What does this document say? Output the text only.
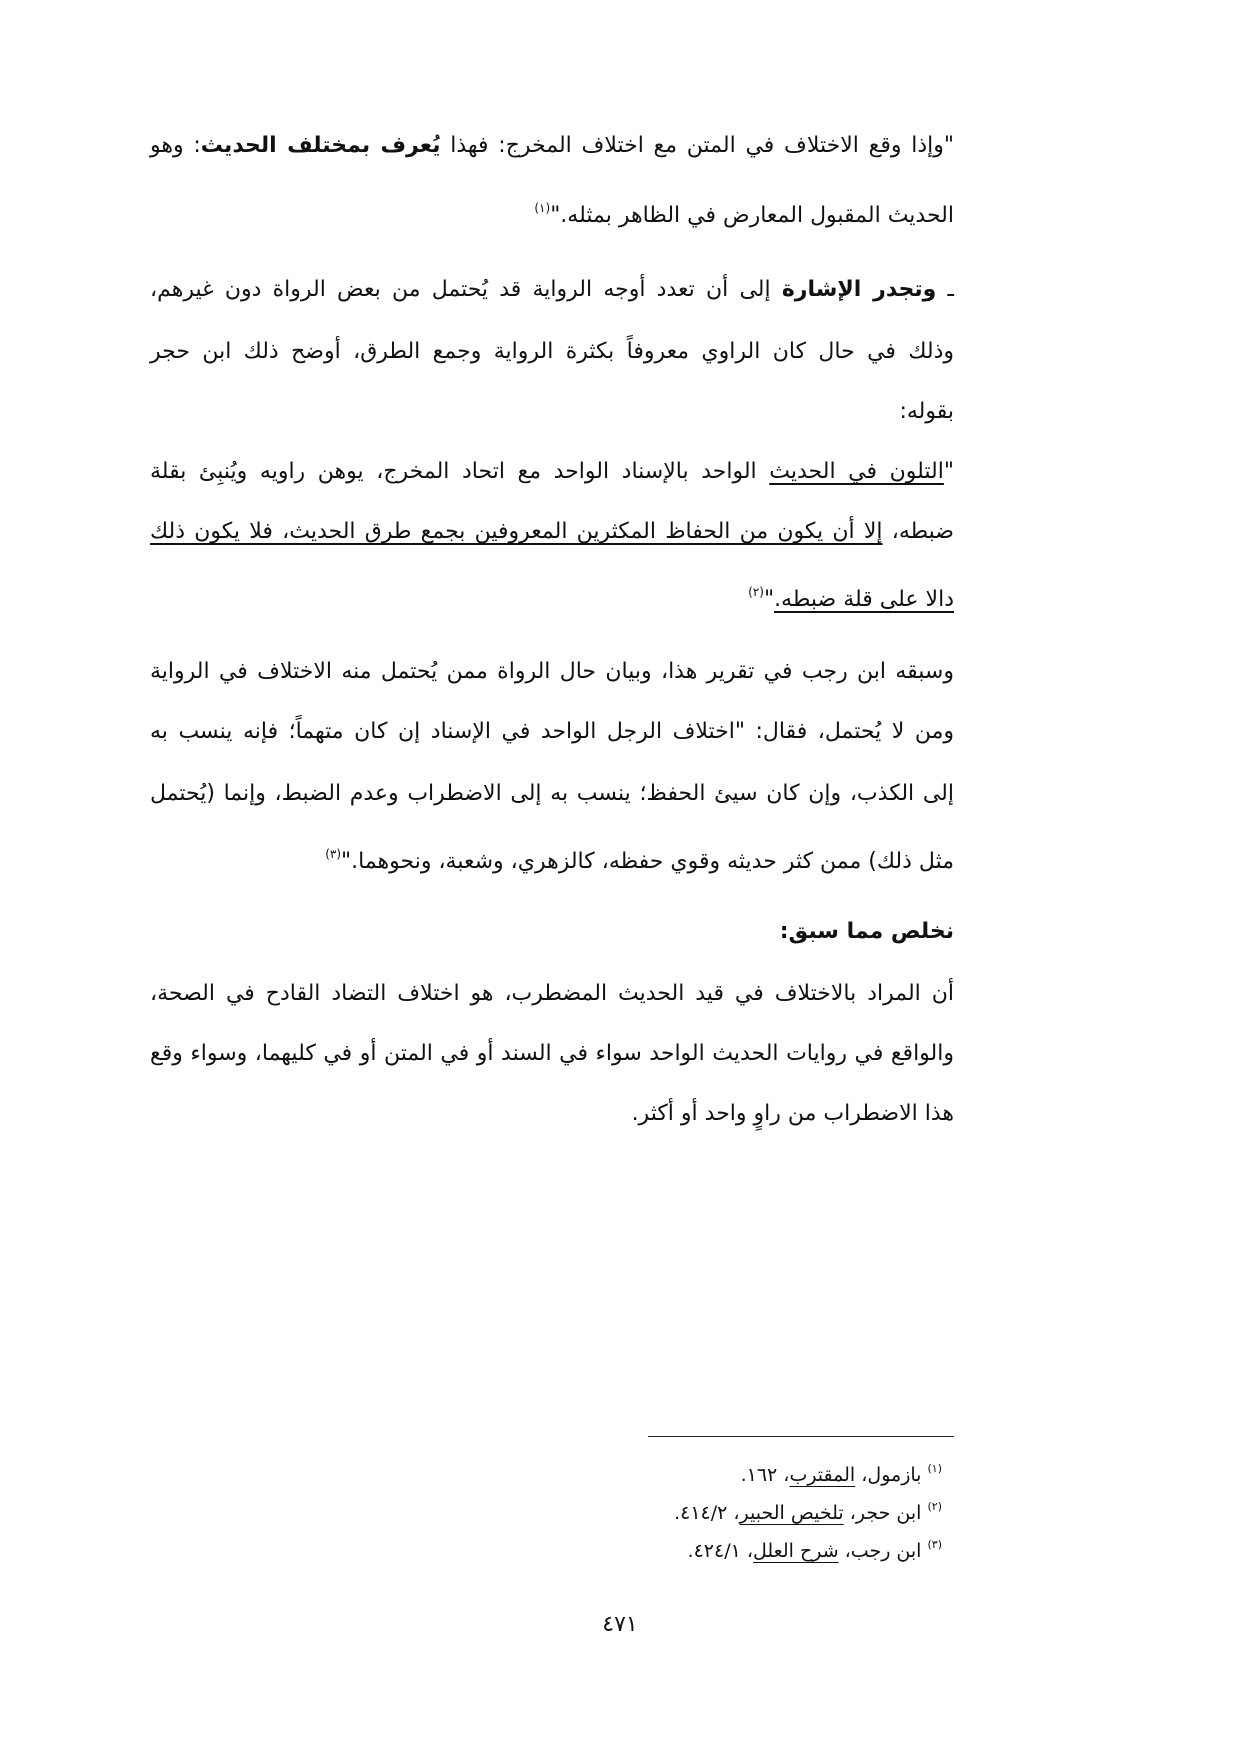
"وإذا وقع الاختلاف في المتن مع اختلاف المخرج: فهذا يُعرف بمختلف الحديث: وهو
الحديث المقبول المعارض في الظاهر بمثله."$^{(١)}$
ـ وتجدر الإشارة إلى أن تعدد أوجه الرواية قد يُحتمل من بعض الرواة دون غيرهم،
وذلك في حال كان الراوي معروفاً بكثرة الرواية وجمع الطرق، أوضح ذلك ابن حجر
بقوله:
"التلون في الحديث الواحد بالإسناد الواحد مع اتحاد المخرج، يوهن راويه ويُنبِئ بقلة
ضبطه، إلا أن يكون من الحفاظ المكثرين المعروفين بجمع طرق الحديث، فلا يكون ذلك
دالا على قلة ضبطه."$^{(٢)}$
وسبقه ابن رجب في تقرير هذا، وبيان حال الرواة ممن يُحتمل منه الاختلاف في الرواية
ومن لا يُحتمل، فقال: "اختلاف الرجل الواحد في الإسناد إن كان متهماً؛ فإنه ينسب به
إلى الكذب، وإن كان سيئ الحفظ؛ ينسب به إلى الاضطراب وعدم الضبط، وإنما (يُحتمل
مثل ذلك) ممن كثر حديثه وقوي حفظه، كالزهري، وشعبة، ونحوهما."$^{(٣)}$
نخلص مما سبق:
أن المراد بالاختلاف في قيد الحديث المضطرب، هو اختلاف التضاد القادح في الصحة،
والواقع في روايات الحديث الواحد سواء في السند أو في المتن أو في كليهما، وسواء وقع
هذا الاضطراب من راوٍ واحد أو أكثر.
$^{(١)}$ بازمول، المقترب، ١٦٢.
$^{(٢)}$ ابن حجر، تلخيص الحبير، ٤١٤/٢.
$^{(٣)}$ ابن رجب، شرح العلل، ٤٢٤/١.
٤٧١
